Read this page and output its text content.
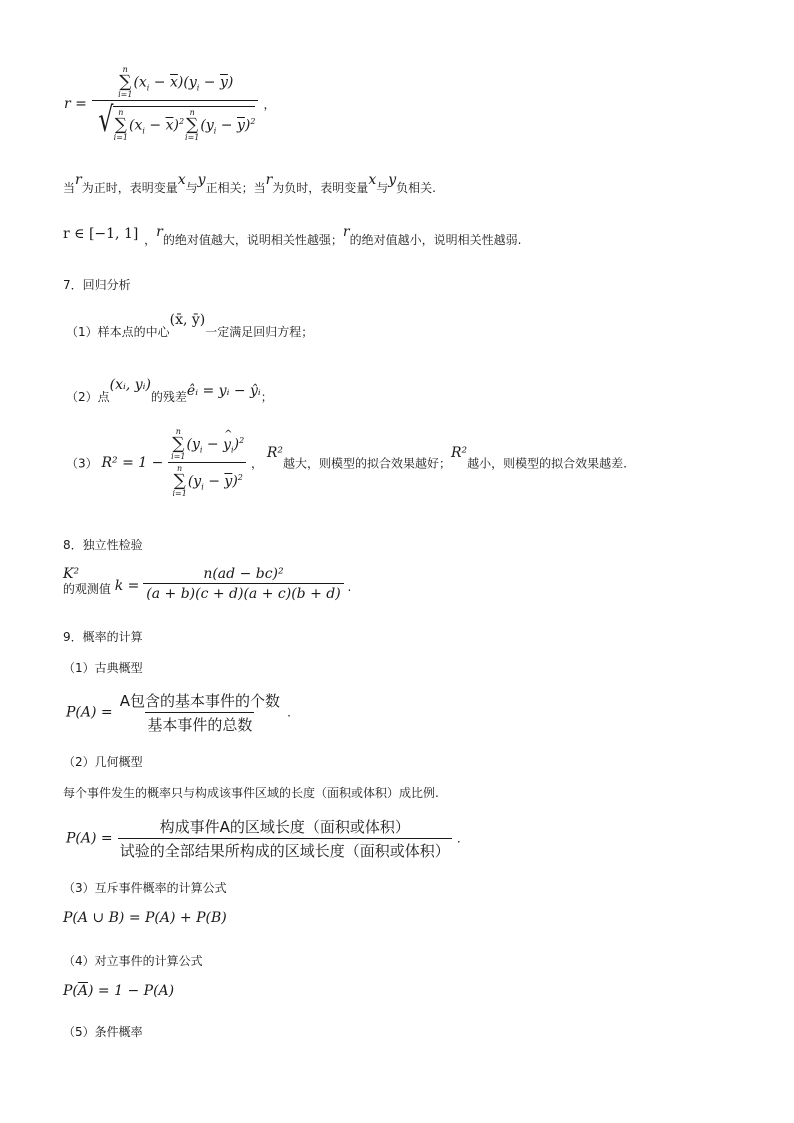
r = n
∑
i=1
$(x_i - \overline{x})(y_i - \overline{y})$
√ n
∑
i=1
$(x_i - \overline{x})^2$
n
∑
i=1
$(y_i - \overline{y})^2$ ，
当r为正时，表明变量x与y正相关；当r为负时，表明变量x与y负相关.
r ∈ [−1, 1] ，r的绝对值越大，说明相关性越强；r的绝对值越小，说明相关性越弱.
7．回归分析
（1）样本点的中心(x̄, ȳ)一定满足回归方程；
（2）点(xᵢ, yᵢ)的残差êᵢ = yᵢ − ŷᵢ；
（3） R² = 1 − n
∑
i=1
($y_i$ − ^ $y_i)^2$
n
∑
i=1
$(y_i - \overline{y})^2$ ， R²越大，则模型的拟合效果越好；R²越小，则模型的拟合效果越差.
8．独立性检验
K² 的观测值 $k = \frac{\text{n(ad − bc)²}}{(a + b)(c + d)(a + c)(b + d)}$ .
9．概率的计算
（1）古典概型
$P(A) = \frac{\text{A包含的基本事件的个数}}{\text{基本事件的总数}}$ .
（2）几何概型
每个事件发生的概率只与构成该事件区域的长度（面积或体积）成比例.
$P(A) = \frac{\text{构成事件A的区域长度（面积或体积）}}{\text{试验的全部结果所构成的区域长度（面积或体积）}}$ .
（3）互斥事件概率的计算公式
P(A ∪ B) = P(A) + P(B)
（4）对立事件的计算公式
$P(\overline{A}) = 1 - P(A)$
（5）条件概率
